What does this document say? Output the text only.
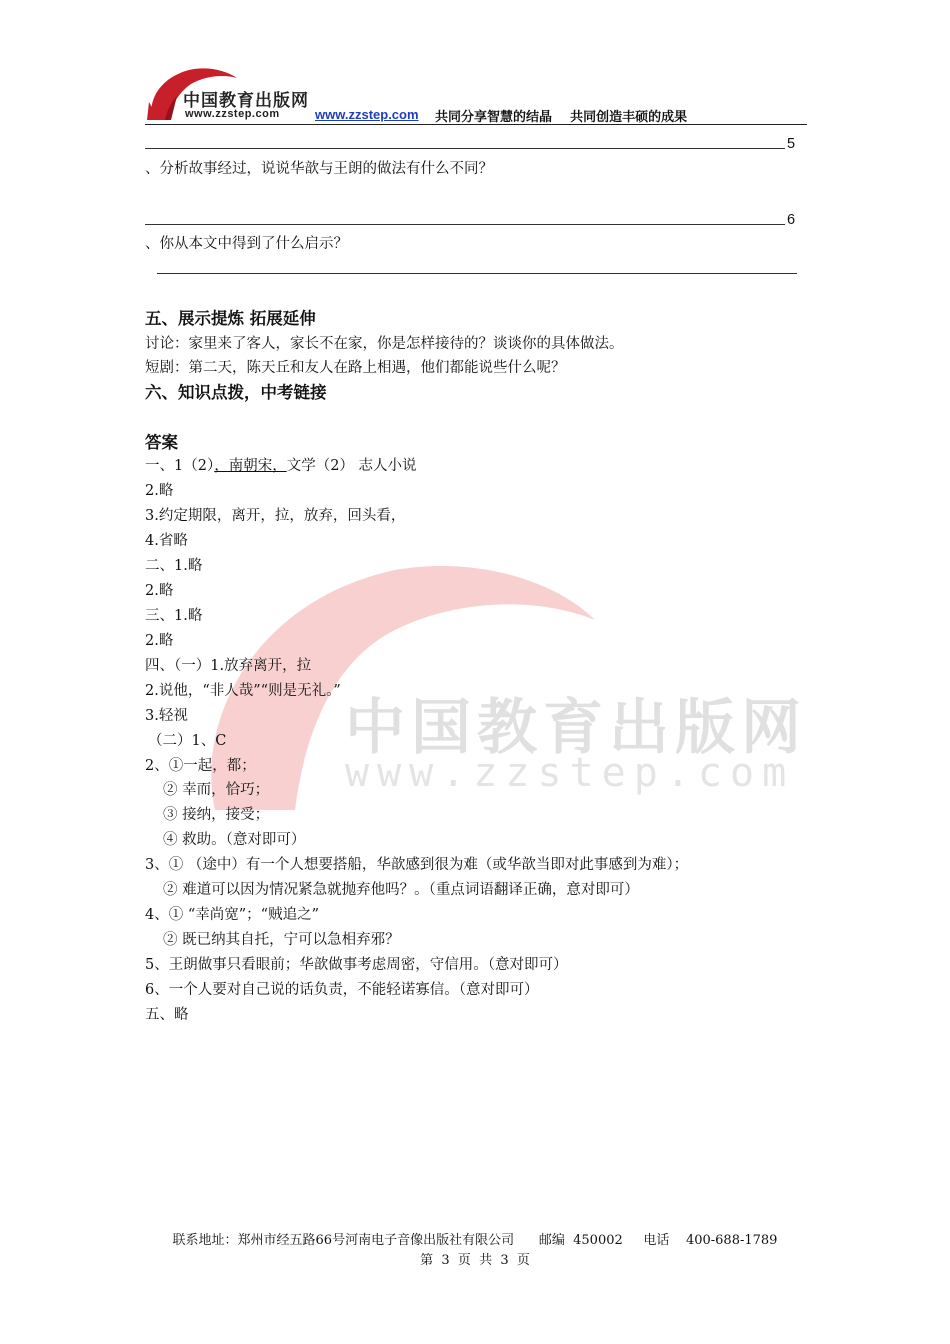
中国教育出版网
www.zzstep.com	www.zzstep.com 共同分享智慧的结晶    共同创造丰硕的成果
中国教育出版网
www.zzstep.com
5
、分析故事经过，说说华歆与王朗的做法有什么不同？
6
、你从本文中得到了什么启示？
五、展示提炼 拓展延伸
讨论：家里来了客人，家长不在家，你是怎样接待的？谈谈你的具体做法。
短剧：第二天，陈天丘和友人在路上相遇，他们都能说些什么呢？
六、知识点拨，中考链接
答案
一、1（2），南朝宋，文学（2） 志人小说
2.略
3.约定期限，离开，拉，放弃，回头看，
4.省略
二、1.略
2.略
三、1.略
2.略
四、（一）1.放弃离开，拉
2.说他，“非人哉”“则是无礼。”
3.轻视
（二）1、C
2、①一起，都；
② 幸而，恰巧；
③ 接纳，接受；
④ 救助。（意对即可）
3、① （途中）有一个人想要搭船，华歆感到很为难（或华歆当即对此事感到为难）；
② 难道可以因为情况紧急就抛弃他吗？。（重点词语翻译正确，意对即可）
4、① “幸尚宽”；“贼追之”
② 既已纳其自托，宁可以急相弃邪？
5、王朗做事只看眼前；华歆做事考虑周密，守信用。（意对即可）
6、一个人要对自己说的话负责，不能轻诺寡信。（意对即可）
五、略
联系地址：郑州市经五路66号河南电子音像出版社有限公司      邮编  450002     电话    400-688-1789
第  3  页  共  3  页
